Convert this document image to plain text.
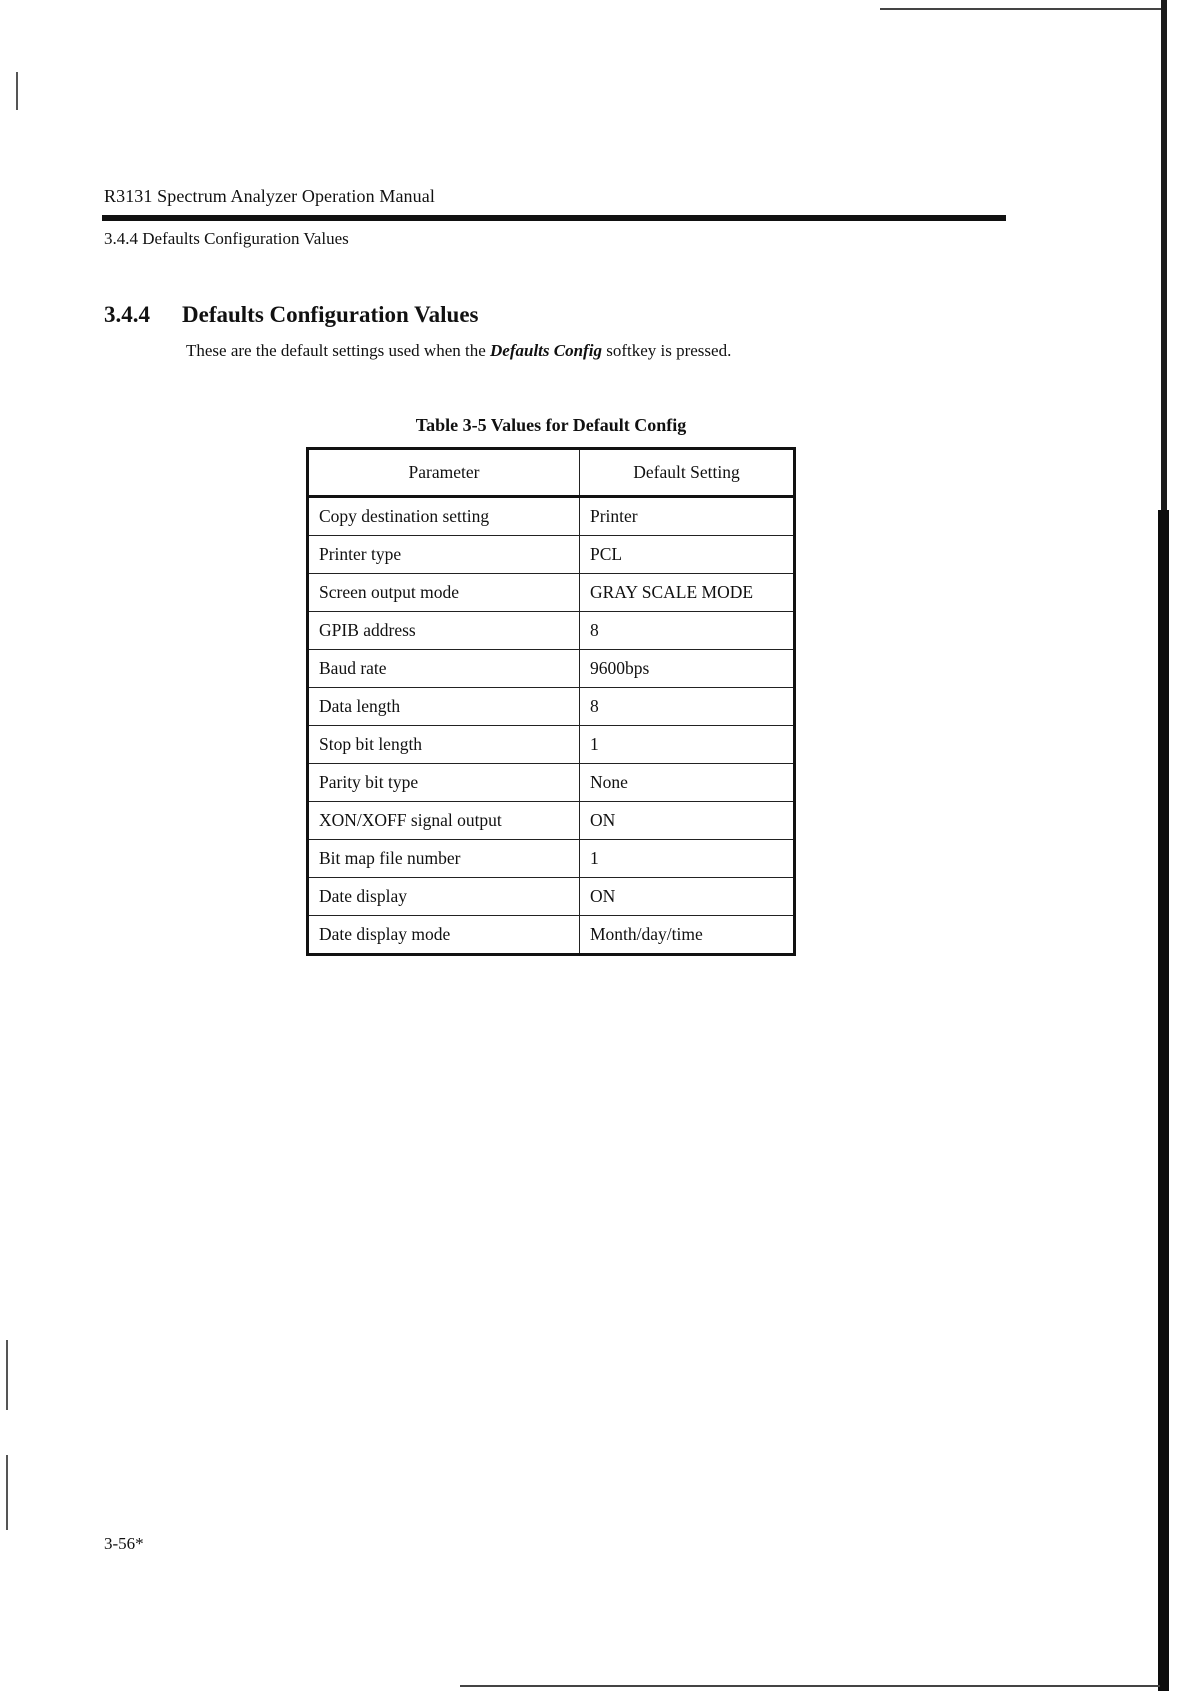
R3131 Spectrum Analyzer Operation Manual
3.4.4 Defaults Configuration Values
3.4.4 Defaults Configuration Values
These are the default settings used when the Defaults Config softkey is pressed.
Table 3-5 Values for Default Config
Parameter	Default Setting
Copy destination setting	Printer
Printer type	PCL
Screen output mode	GRAY SCALE MODE
GPIB address	8
Baud rate	9600bps
Data length	8
Stop bit length	1
Parity bit type	None
XON/XOFF signal output	ON
Bit map file number	1
Date display	ON
Date display mode	Month/day/time
3-56*
